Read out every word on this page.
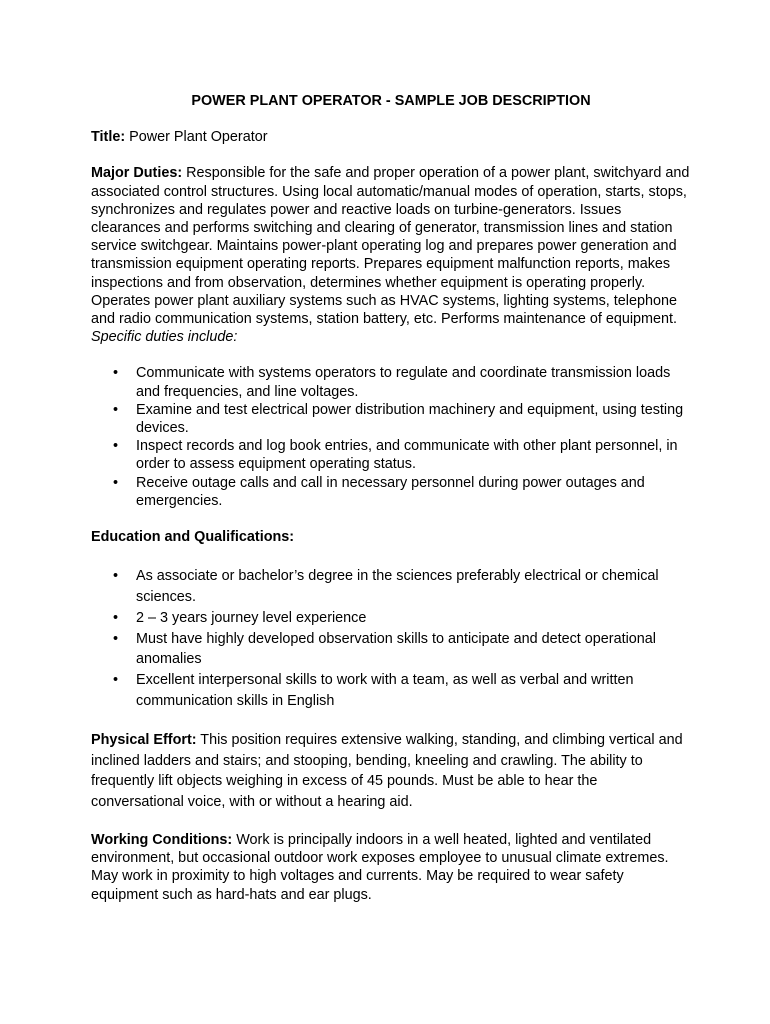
POWER PLANT OPERATOR - SAMPLE JOB DESCRIPTION

Title: Power Plant Operator

Major Duties: Responsible for the safe and proper operation of a power plant, switchyard and associated control structures. Using local automatic/manual modes of operation, starts, stops, synchronizes and regulates power and reactive loads on turbine-generators. Issues clearances and performs switching and clearing of generator, transmission lines and station service switchgear. Maintains power-plant operating log and prepares power generation and transmission equipment operating reports. Prepares equipment malfunction reports, makes inspections and from observation, determines whether equipment is operating properly. Operates power plant auxiliary systems such as HVAC systems, lighting systems, telephone and radio communication systems, station battery, etc. Performs maintenance of equipment.

Specific duties include:

• Communicate with systems operators to regulate and coordinate transmission loads and frequencies, and line voltages.
• Examine and test electrical power distribution machinery and equipment, using testing devices.
• Inspect records and log book entries, and communicate with other plant personnel, in order to assess equipment operating status.
• Receive outage calls and call in necessary personnel during power outages and emergencies.

Education and Qualifications:

• As associate or bachelor’s degree in the sciences preferably electrical or chemical sciences.
• 2 – 3 years journey level experience
• Must have highly developed observation skills to anticipate and detect operational anomalies
• Excellent interpersonal skills to work with a team, as well as verbal and written communication skills in English

Physical Effort: This position requires extensive walking, standing, and climbing vertical and inclined ladders and stairs; and stooping, bending, kneeling and crawling. The ability to frequently lift objects weighing in excess of 45 pounds. Must be able to hear the conversational voice, with or without a hearing aid.

Working Conditions: Work is principally indoors in a well heated, lighted and ventilated environment, but occasional outdoor work exposes employee to unusual climate extremes. May work in proximity to high voltages and currents. May be required to wear safety equipment such as hard-hats and ear plugs.
